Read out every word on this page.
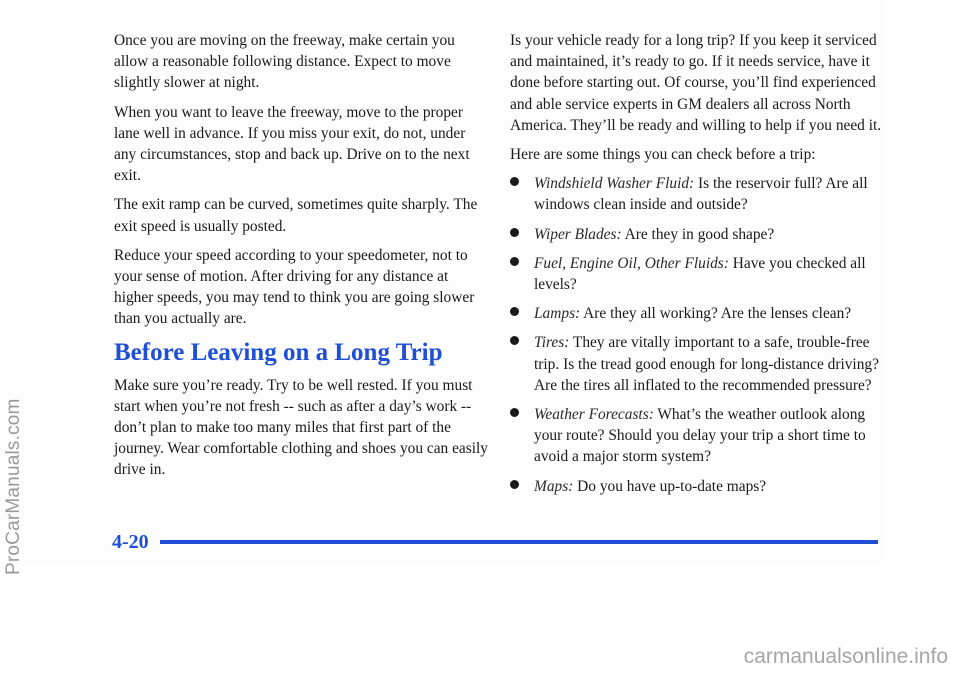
Once you are moving on the freeway, make certain you allow a reasonable following distance. Expect to move slightly slower at night.

When you want to leave the freeway, move to the proper lane well in advance. If you miss your exit, do not, under any circumstances, stop and back up. Drive on to the next exit.

The exit ramp can be curved, sometimes quite sharply. The exit speed is usually posted.

Reduce your speed according to your speedometer, not to your sense of motion. After driving for any distance at higher speeds, you may tend to think you are going slower than you actually are.

Before Leaving on a Long Trip

Make sure you’re ready. Try to be well rested. If you must start when you’re not fresh -- such as after a day’s work -- don’t plan to make too many miles that first part of the journey. Wear comfortable clothing and shoes you can easily drive in.

Is your vehicle ready for a long trip? If you keep it serviced and maintained, it’s ready to go. If it needs service, have it done before starting out. Of course, you’ll find experienced and able service experts in GM dealers all across North America. They’ll be ready and willing to help if you need it.

Here are some things you can check before a trip:

Windshield Washer Fluid: Is the reservoir full? Are all windows clean inside and outside?
Wiper Blades: Are they in good shape?
Fuel, Engine Oil, Other Fluids: Have you checked all levels?
Lamps: Are they all working? Are the lenses clean?
Tires: They are vitally important to a safe, trouble-free trip. Is the tread good enough for long-distance driving? Are the tires all inflated to the recommended pressure?
Weather Forecasts: What’s the weather outlook along your route? Should you delay your trip a short time to avoid a major storm system?
Maps: Do you have up-to-date maps?
4-20
ProCarManuals.com
carmanualsonline.info
